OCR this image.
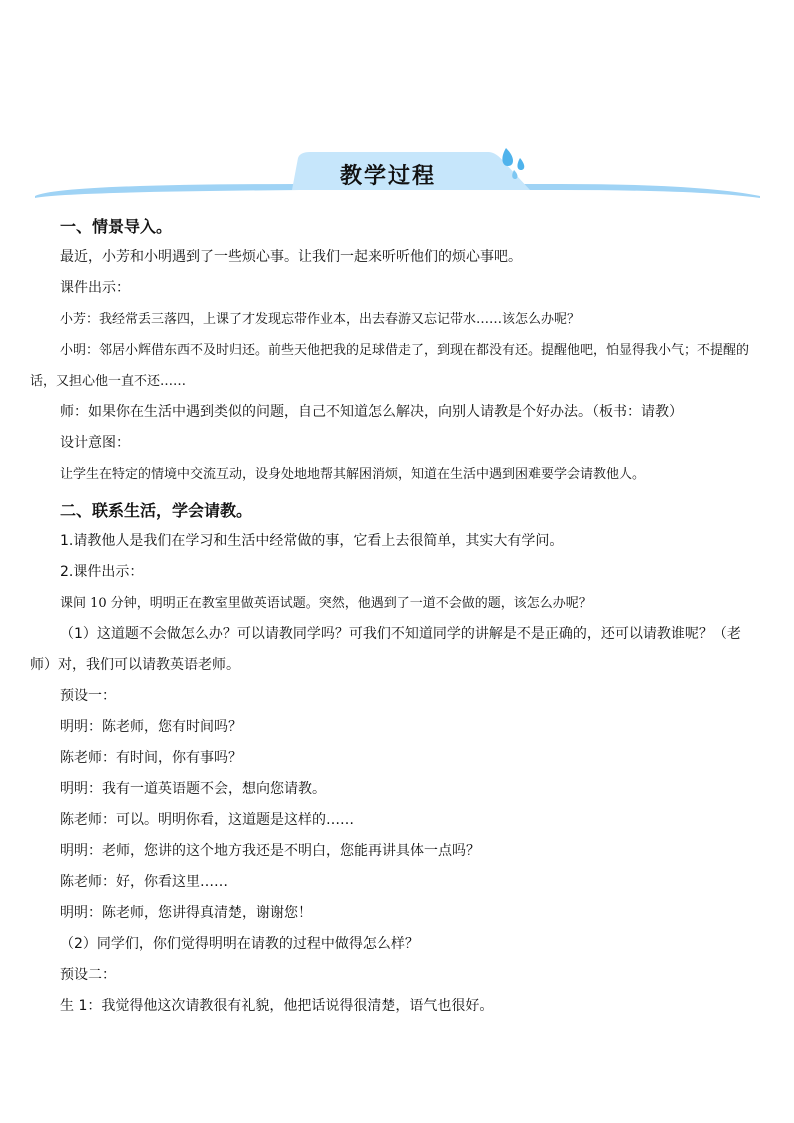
教学过程
一、情景导入。

最近，小芳和小明遇到了一些烦心事。让我们一起来听听他们的烦心事吧。

课件出示：

小芳：我经常丢三落四，上课了才发现忘带作业本，出去春游又忘记带水……该怎么办呢？

小明：邻居小辉借东西不及时归还。前些天他把我的足球借走了，到现在都没有还。提醒他吧，怕显得我小气；不提醒的话，又担心他一直不还……

师：如果你在生活中遇到类似的问题，自己不知道怎么解决，向别人请教是个好办法。（板书：请教）

设计意图：

让学生在特定的情境中交流互动，设身处地地帮其解困消烦，知道在生活中遇到困难要学会请教他人。

二、联系生活，学会请教。

1.请教他人是我们在学习和生活中经常做的事，它看上去很简单，其实大有学问。

2.课件出示：

课间 10 分钟，明明正在教室里做英语试题。突然，他遇到了一道不会做的题，该怎么办呢？

（1）这道题不会做怎么办？可以请教同学吗？可我们不知道同学的讲解是不是正确的，还可以请教谁呢？（老师）对，我们可以请教英语老师。

预设一：

明明：陈老师，您有时间吗？

陈老师：有时间，你有事吗？

明明：我有一道英语题不会，想向您请教。

陈老师：可以。明明你看，这道题是这样的……

明明：老师，您讲的这个地方我还是不明白，您能再讲具体一点吗？

陈老师：好，你看这里……

明明：陈老师，您讲得真清楚，谢谢您！

（2）同学们，你们觉得明明在请教的过程中做得怎么样？

预设二：

生 1：我觉得他这次请教很有礼貌，他把话说得很清楚，语气也很好。
